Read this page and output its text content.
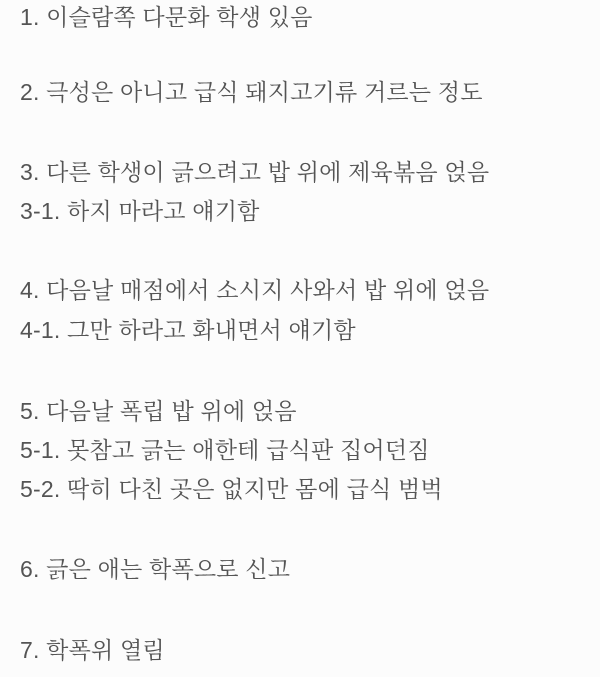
1. 이슬람쪽 다문화 학생 있음
2. 극성은 아니고 급식 돼지고기류 거르는 정도
3. 다른 학생이 긁으려고 밥 위에 제육볶음 얹음
3-1. 하지 마라고 얘기함
4. 다음날 매점에서 소시지 사와서 밥 위에 얹음
4-1. 그만 하라고 화내면서 얘기함
5. 다음날 폭립 밥 위에 얹음
5-1. 못참고 긁는 애한테 급식판 집어던짐
5-2. 딱히 다친 곳은 없지만 몸에 급식 범벅
6. 긁은 애는 학폭으로 신고
7. 학폭위 열림
